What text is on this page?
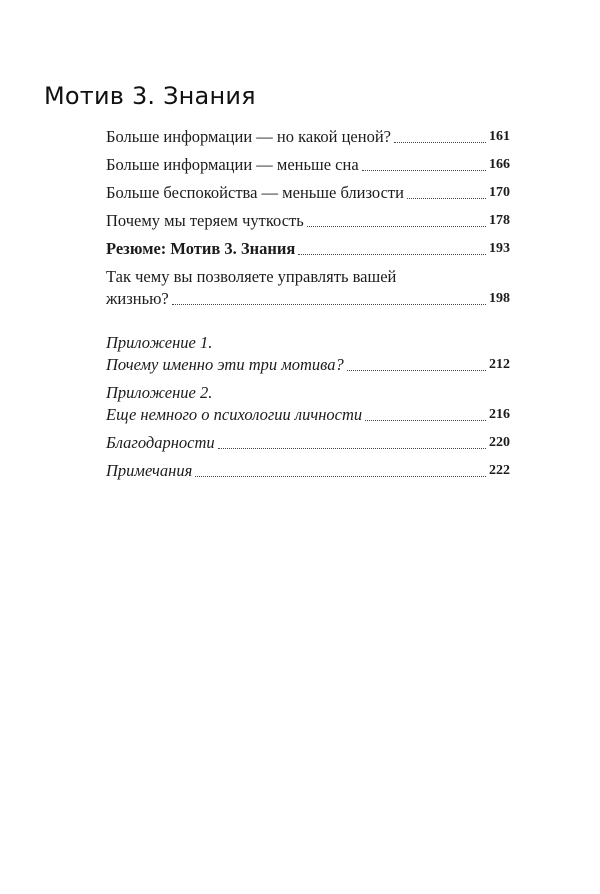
Мотив 3. Знания
Больше информации — но какой ценой?	161
Больше информации — меньше сна	166
Больше беспокойства — меньше близости	170
Почему мы теряем чуткость	178
Резюме: Мотив 3. Знания	193
Так чему вы позволяете управлять вашей
жизнью?	198
Приложение 1.
Почему именно эти три мотива?	212
Приложение 2.
Еще немного о психологии личности	216
Благодарности	220
Примечания	222
